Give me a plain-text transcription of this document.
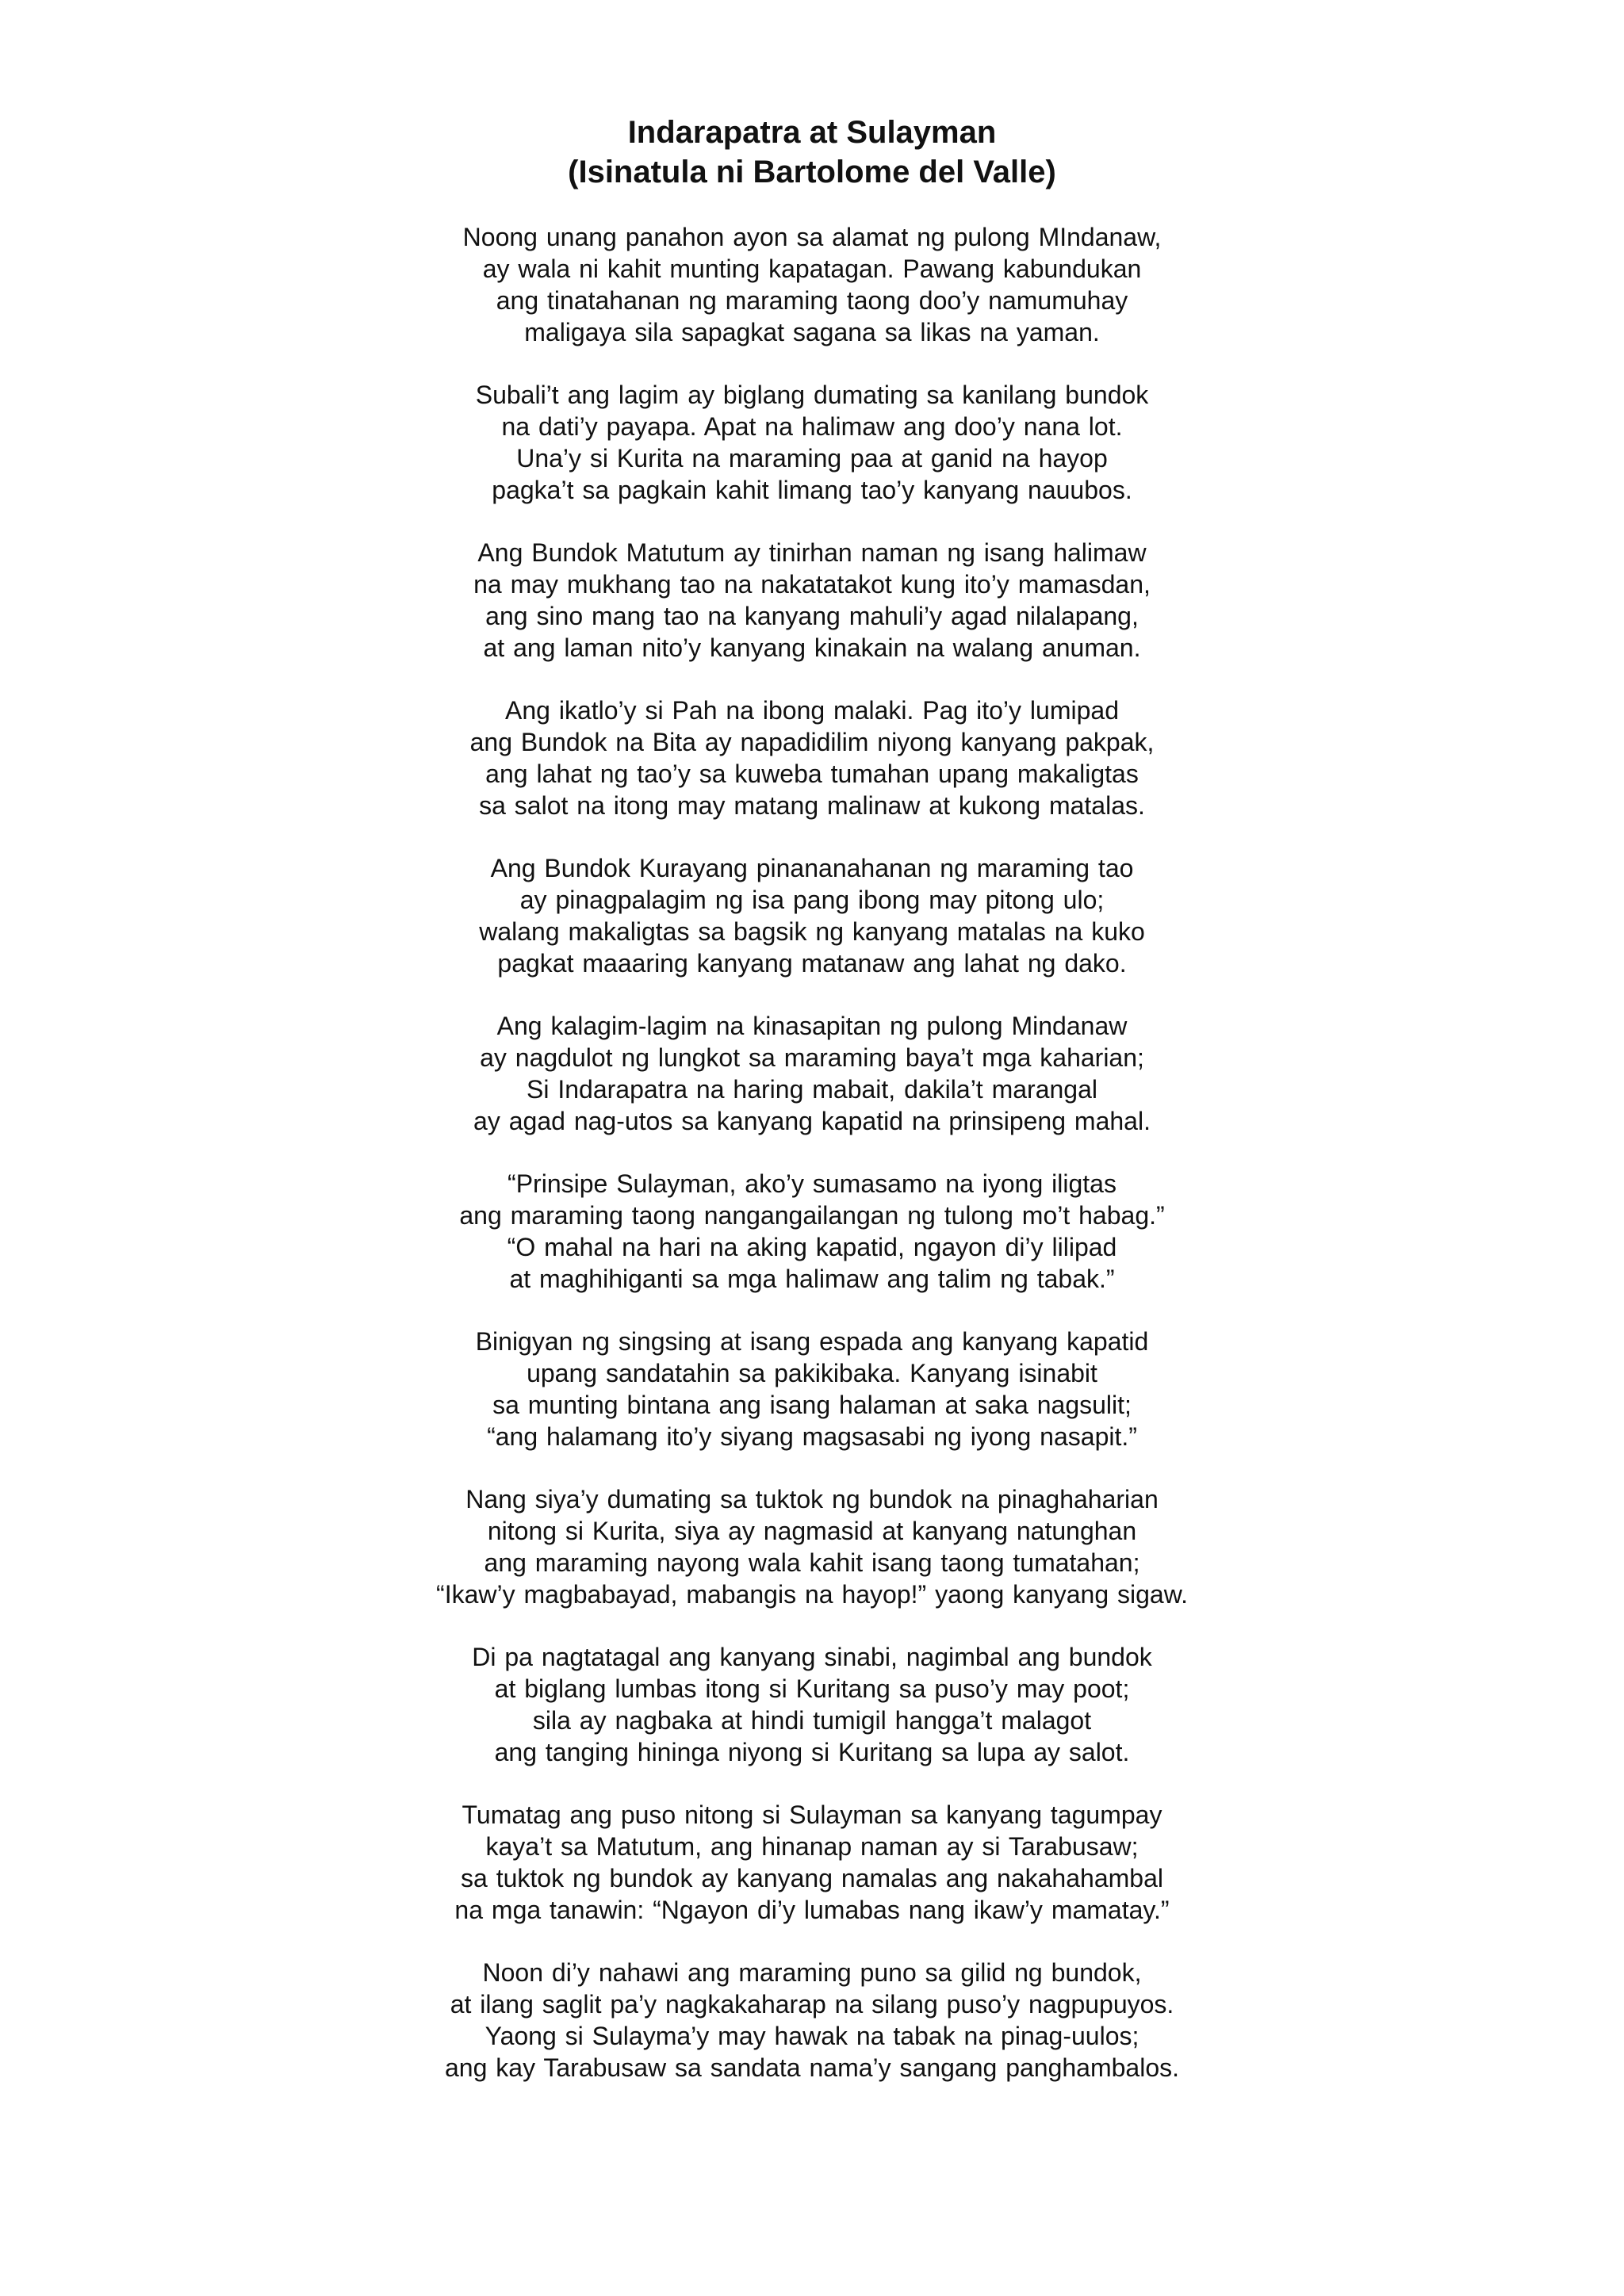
Indarapatra at Sulayman
(Isinatula ni Bartolome del Valle)
Noong unang panahon ayon sa alamat ng pulong MIndanaw,
ay wala ni kahit munting kapatagan. Pawang kabundukan
ang tinatahanan ng maraming taong doo’y namumuhay
maligaya sila sapagkat sagana sa likas na yaman.
Subali’t ang lagim ay biglang dumating sa kanilang bundok
na dati’y payapa. Apat na halimaw ang doo’y nana lot.
Una’y si Kurita na maraming paa at ganid na hayop
pagka’t sa pagkain kahit limang tao’y kanyang nauubos.
Ang Bundok Matutum ay tinirhan naman ng isang halimaw
na may mukhang tao na nakatatakot kung ito’y mamasdan,
ang sino mang tao na kanyang mahuli’y agad nilalapang,
at ang laman nito’y kanyang kinakain na walang anuman.
Ang ikatlo’y si Pah na ibong malaki. Pag ito’y lumipad
ang Bundok na Bita ay napadidilim niyong kanyang pakpak,
ang lahat ng tao’y sa kuweba tumahan upang makaligtas
sa salot na itong may matang malinaw at kukong matalas.
Ang Bundok Kurayang pinananahanan ng maraming tao
ay pinagpalagim ng isa pang ibong may pitong ulo;
walang makaligtas sa bagsik ng kanyang matalas na kuko
pagkat maaaring kanyang matanaw ang lahat ng dako.
Ang kalagim-lagim na kinasapitan ng pulong Mindanaw
ay nagdulot ng lungkot sa maraming baya’t mga kaharian;
Si Indarapatra na haring mabait, dakila’t marangal
ay agad nag-utos sa kanyang kapatid na prinsipeng mahal.
“Prinsipe Sulayman, ako’y sumasamo na iyong iligtas
ang maraming taong nangangailangan ng tulong mo’t habag.”
“O mahal na hari na aking kapatid, ngayon di’y lilipad
at maghihiganti sa mga halimaw ang talim ng tabak.”
Binigyan ng singsing at isang espada ang kanyang kapatid
upang sandatahin sa pakikibaka. Kanyang isinabit
sa munting bintana ang isang halaman at saka nagsulit;
“ang halamang ito’y siyang magsasabi ng iyong nasapit.”
Nang siya’y dumating sa tuktok ng bundok na pinaghaharian
nitong si Kurita, siya ay nagmasid at kanyang natunghan
ang maraming nayong wala kahit isang taong tumatahan;
“Ikaw’y magbabayad, mabangis na hayop!” yaong kanyang sigaw.
Di pa nagtatagal ang kanyang sinabi, nagimbal ang bundok
at biglang lumbas itong si Kuritang sa puso’y may poot;
sila ay nagbaka at hindi tumigil hangga’t malagot
ang tanging hininga niyong si Kuritang sa lupa ay salot.
Tumatag ang puso nitong si Sulayman sa kanyang tagumpay
kaya’t sa Matutum, ang hinanap naman ay si Tarabusaw;
sa tuktok ng bundok ay kanyang namalas ang nakahahambal
na mga tanawin: “Ngayon di’y lumabas nang ikaw’y mamatay.”
Noon di’y nahawi ang maraming puno sa gilid ng bundok,
at ilang saglit pa’y nagkakaharap na silang puso’y nagpupuyos.
Yaong si Sulayma’y may hawak na tabak na pinag-uulos;
ang kay Tarabusaw sa sandata nama’y sangang panghambalos.
